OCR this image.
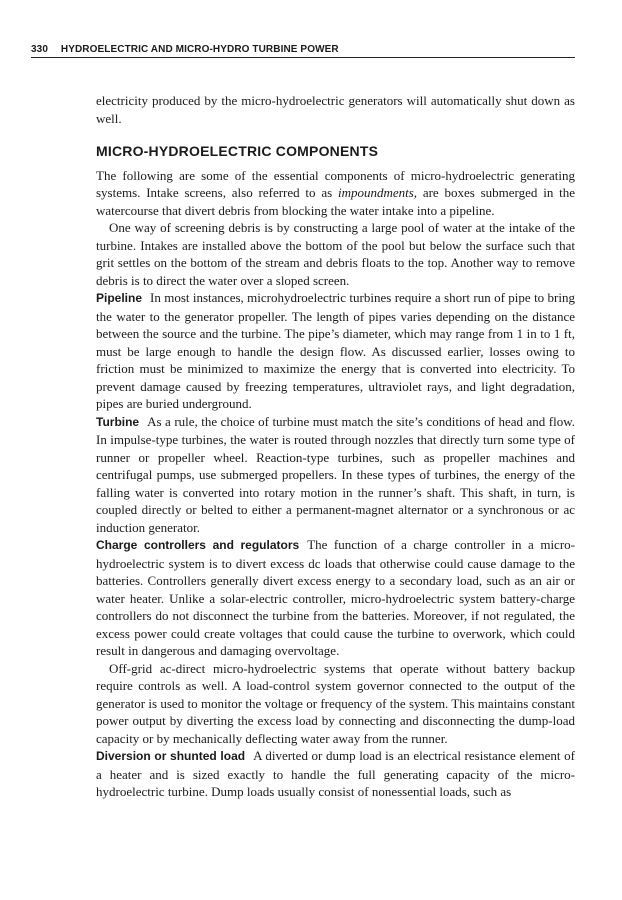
330 HYDROELECTRIC AND MICRO-HYDRO TURBINE POWER

electricity produced by the micro-hydroelectric generators will automatically shut down as well.

MICRO-HYDROELECTRIC COMPONENTS

The following are some of the essential components of micro-hydroelectric generating systems. Intake screens, also referred to as impoundments, are boxes submerged in the watercourse that divert debris from blocking the water intake into a pipeline.

One way of screening debris is by constructing a large pool of water at the intake of the turbine. Intakes are installed above the bottom of the pool but below the surface such that grit settles on the bottom of the stream and debris floats to the top. Another way to remove debris is to direct the water over a sloped screen.

Pipeline In most instances, microhydroelectric turbines require a short run of pipe to bring the water to the generator propeller. The length of pipes varies depending on the distance between the source and the turbine. The pipe’s diameter, which may range from 1 in to 1 ft, must be large enough to handle the design flow. As discussed earlier, losses owing to friction must be minimized to maximize the energy that is converted into electricity. To prevent damage caused by freezing temperatures, ultraviolet rays, and light degradation, pipes are buried underground.

Turbine As a rule, the choice of turbine must match the site’s conditions of head and flow. In impulse-type turbines, the water is routed through nozzles that directly turn some type of runner or propeller wheel. Reaction-type turbines, such as propeller machines and centrifugal pumps, use submerged propellers. In these types of turbines, the energy of the falling water is converted into rotary motion in the runner’s shaft. This shaft, in turn, is coupled directly or belted to either a permanent-magnet alternator or a synchronous or ac induction generator.

Charge controllers and regulators The function of a charge controller in a micro-hydroelectric system is to divert excess dc loads that otherwise could cause damage to the batteries. Controllers generally divert excess energy to a secondary load, such as an air or water heater. Unlike a solar-electric controller, micro-hydroelectric system battery-charge controllers do not disconnect the turbine from the batteries. Moreover, if not regulated, the excess power could create voltages that could cause the turbine to overwork, which could result in dangerous and damaging overvoltage.

Off-grid ac-direct micro-hydroelectric systems that operate without battery backup require controls as well. A load-control system governor connected to the output of the generator is used to monitor the voltage or frequency of the system. This maintains constant power output by diverting the excess load by connecting and disconnecting the dump-load capacity or by mechanically deflecting water away from the runner.

Diversion or shunted load A diverted or dump load is an electrical resistance element of a heater and is sized exactly to handle the full generating capacity of the micro-hydroelectric turbine. Dump loads usually consist of nonessential loads, such as
